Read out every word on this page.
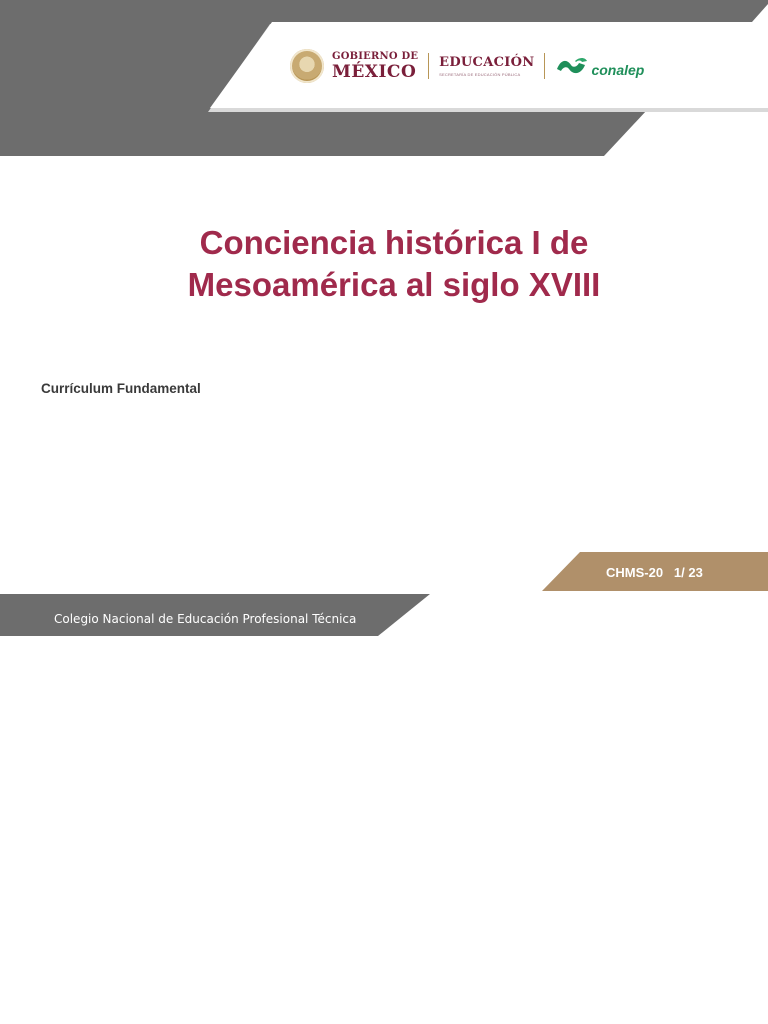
GOBIERNO DE
MÉXICO EDUCACIÓN
SECRETARÍA DE EDUCACIÓN PÚBLICA	conalep
Conciencia histórica I de
Mesoamérica al siglo XVIII
Currículum Fundamental
CHMS-20 1/ 23
Colegio Nacional de Educación Profesional Técnica
